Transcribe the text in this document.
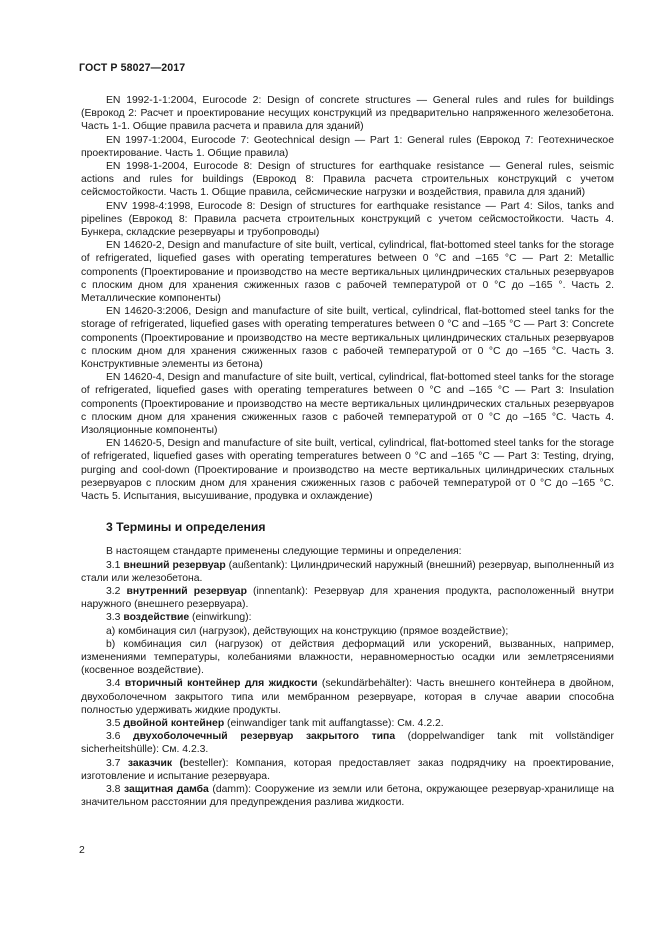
ГОСТ Р 58027—2017

EN 1992-1-1:2004, Eurocode 2: Design of concrete structures — General rules and rules for buildings (Еврокод 2: Расчет и проектирование несущих конструкций из предварительно напряженного железобетона. Часть 1-1. Общие правила расчета и правила для зданий)

EN 1997-1:2004, Eurocode 7: Geotechnical design — Part 1: General rules (Еврокод 7: Геотехническое проектирование. Часть 1. Общие правила)

EN 1998-1-2004, Eurocode 8: Design of structures for earthquake resistance — General rules, seismic actions and rules for buildings (Еврокод 8: Правила расчета строительных конструкций с учетом сейсмостойкости. Часть 1. Общие правила, сейсмические нагрузки и воздействия, правила для зданий)

ENV 1998-4:1998, Eurocode 8: Design of structures for earthquake resistance — Part 4: Silos, tanks and pipelines (Еврокод 8: Правила расчета строительных конструкций с учетом сейсмостойкости. Часть 4. Бункера, складские резервуары и трубопроводы)

EN 14620-2, Design and manufacture of site built, vertical, cylindrical, flat-bottomed steel tanks for the storage of refrigerated, liquefied gases with operating temperatures between 0 °C and –165 °C — Part 2: Metallic components (Проектирование и производство на месте вертикальных цилиндрических стальных резервуаров с плоским дном для хранения сжиженных газов с рабочей температурой от 0 °C до –165 °. Часть 2. Металлические компоненты)

EN 14620-3:2006, Design and manufacture of site built, vertical, cylindrical, flat-bottomed steel tanks for the storage of refrigerated, liquefied gases with operating temperatures between 0 °C and –165 °C — Part 3: Concrete components (Проектирование и производство на месте вертикальных цилиндрических стальных резервуаров с плоским дном для хранения сжиженных газов с рабочей температурой от 0 °C до –165 °C. Часть 3. Конструктивные элементы из бетона)

EN 14620-4, Design and manufacture of site built, vertical, cylindrical, flat-bottomed steel tanks for the storage of refrigerated, liquefied gases with operating temperatures between 0 °C and –165 °C — Part 3: Insulation components (Проектирование и производство на месте вертикальных цилиндрических стальных резервуаров с плоским дном для хранения сжиженных газов с рабочей температурой от 0 °C до –165 °C. Часть 4. Изоляционные компоненты)

EN 14620-5, Design and manufacture of site built, vertical, cylindrical, flat-bottomed steel tanks for the storage of refrigerated, liquefied gases with operating temperatures between 0 °C and –165 °C — Part 3: Testing, drying, purging and cool-down (Проектирование и производство на месте вертикальных цилиндрических стальных резервуаров с плоским дном для хранения сжиженных газов с рабочей температурой от 0 °C до –165 °C. Часть 5. Испытания, высушивание, продувка и охлаждение)

3 Термины и определения

В настоящем стандарте применены следующие термины и определения:

3.1 внешний резервуар (außentank): Цилиндрический наружный (внешний) резервуар, выполненный из стали или железобетона.

3.2 внутренний резервуар (innentank): Резервуар для хранения продукта, расположенный внутри наружного (внешнего резервуара).

3.3 воздействие (einwirkung):

а) комбинация сил (нагрузок), действующих на конструкцию (прямое воздействие);

b) комбинация сил (нагрузок) от действия деформаций или ускорений, вызванных, например, изменениями температуры, колебаниями влажности, неравномерностью осадки или землетрясениями (косвенное воздействие).

3.4 вторичный контейнер для жидкости (sekundärbehälter): Часть внешнего контейнера в двойном, двухоболочечном закрытого типа или мембранном резервуаре, которая в случае аварии способна полностью удерживать жидкие продукты.

3.5 двойной контейнер (einwandiger tank mit auffangtasse): См. 4.2.2.

3.6 двухоболочечный резервуар закрытого типа (doppelwandiger tank mit vollständiger sicherheitshülle): См. 4.2.3.

3.7 заказчик (besteller): Компания, которая предоставляет заказ подрядчику на проектирование, изготовление и испытание резервуара.

3.8 защитная дамба (damm): Сооружение из земли или бетона, окружающее резервуар-хранилище на значительном расстоянии для предупреждения разлива жидкости.

2
